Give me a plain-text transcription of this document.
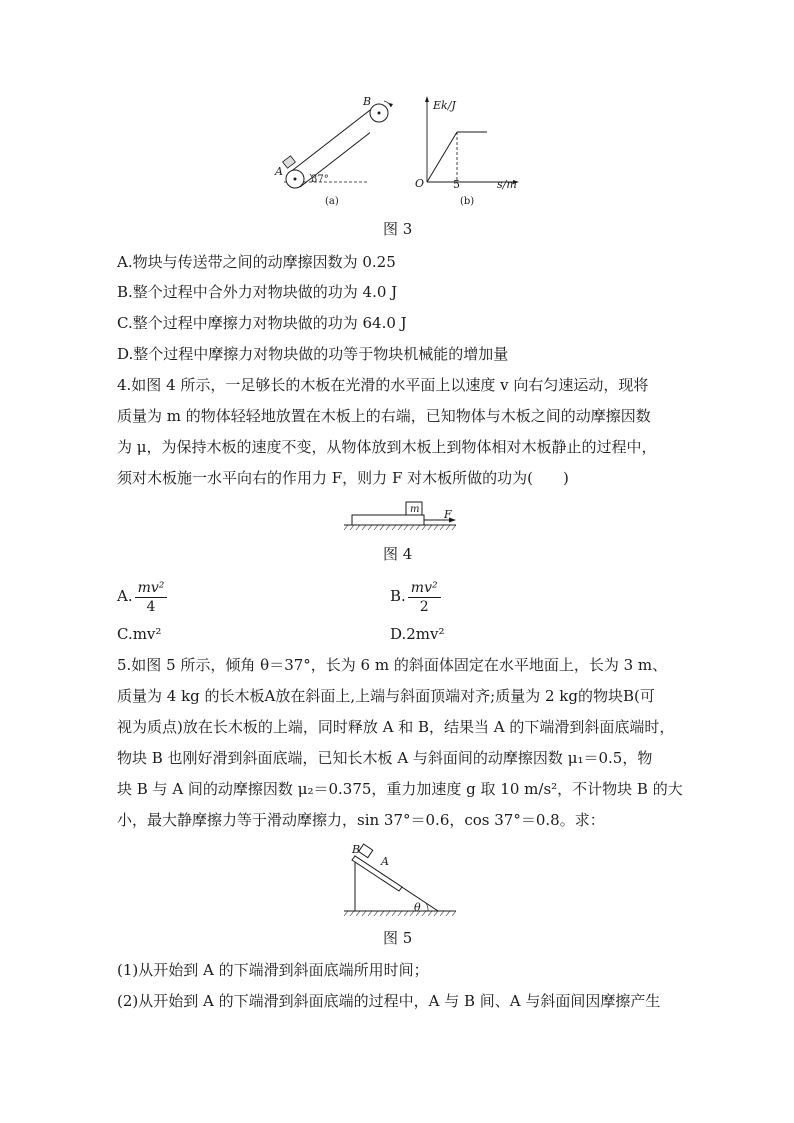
B
A
37°
(a)
Ek/J
O	5	s/m
(b)
图 3
A.物块与传送带之间的动摩擦因数为 0.25
B.整个过程中合外力对物块做的功为 4.0 J
C.整个过程中摩擦力对物块做的功为 64.0 J
D.整个过程中摩擦力对物块做的功等于物块机械能的增加量
4.如图 4 所示，一足够长的木板在光滑的水平面上以速度 v 向右匀速运动，现将
质量为 m 的物体轻轻地放置在木板上的右端，已知物体与木板之间的动摩擦因数
为 μ，为保持木板的速度不变，从物体放到木板上到物体相对木板静止的过程中，
须对木板施一水平向右的作用力 F，则力 F 对木板所做的功为(　　)
m F
图 4
A. $\frac{\text{mv²}}{4}$	B. $\frac{\text{mv²}}{2}$
C.mv²	D.2mv²
5.如图 5 所示，倾角 θ＝37°，长为 6 m 的斜面体固定在水平地面上，长为 3 m、
质量为 4 kg 的长木板A放在斜面上,上端与斜面顶端对齐;质量为 2 kg的物块B(可
视为质点)放在长木板的上端，同时释放 A 和 B，结果当 A 的下端滑到斜面底端时，
物块 B 也刚好滑到斜面底端，已知长木板 A 与斜面间的动摩擦因数 μ₁＝0.5，物
块 B 与 A 间的动摩擦因数 μ₂＝0.375，重力加速度 g 取 10 m/s²，不计物块 B 的大
小，最大静摩擦力等于滑动摩擦力，sin 37°＝0.6，cos 37°＝0.8。求：
B
A
θ
图 5
(1)从开始到 A 的下端滑到斜面底端所用时间；
(2)从开始到 A 的下端滑到斜面底端的过程中，A 与 B 间、A 与斜面间因摩擦产生
